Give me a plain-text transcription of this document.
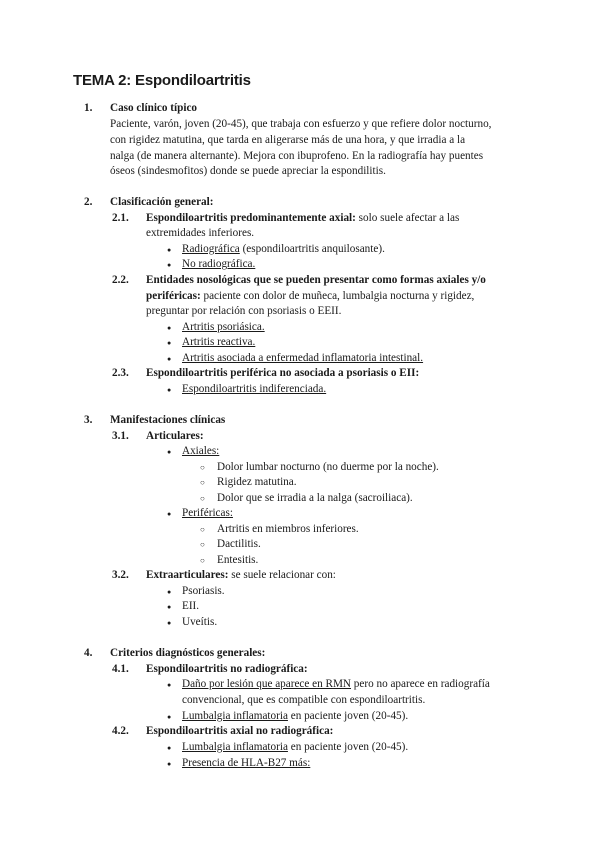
TEMA 2: Espondiloartritis
1. Caso clínico típico
Paciente, varón, joven (20-45), que trabaja con esfuerzo y que refiere dolor nocturno,
con rigidez matutina, que tarda en aligerarse más de una hora, y que irradia a la
nalga (de manera alternante). Mejora con ibuprofeno. En la radiografía hay puentes
óseos (sindesmofitos) donde se puede apreciar la espondilitis.
2. Clasificación general:
2.1. Espondiloartritis predominantemente axial: solo suele afectar a las
extremidades inferiores.
● Radiográfica (espondiloartritis anquilosante).
● No radiográfica.
2.2. Entidades nosológicas que se pueden presentar como formas axiales y/o
periféricas: paciente con dolor de muñeca, lumbalgia nocturna y rigidez,
preguntar por relación con psoriasis o EEII.
● Artritis psoriásica.
● Artritis reactiva.
● Artritis asociada a enfermedad inflamatoria intestinal.
2.3. Espondiloartritis periférica no asociada a psoriasis o EII:
● Espondiloartritis indiferenciada.
3. Manifestaciones clínicas
3.1. Articulares:
● Axiales:
○ Dolor lumbar nocturno (no duerme por la noche).
○ Rigidez matutina.
○ Dolor que se irradia a la nalga (sacroiliaca).
● Periféricas:
○ Artritis en miembros inferiores.
○ Dactilitis.
○ Entesitis.
3.2. Extraarticulares: se suele relacionar con:
● Psoriasis.
● EII.
● Uveítis.
4. Criterios diagnósticos generales:
4.1. Espondiloartritis no radiográfica:
● Daño por lesión que aparece en RMN pero no aparece en radiografía
convencional, que es compatible con espondiloartritis.
● Lumbalgia inflamatoria en paciente joven (20-45).
4.2. Espondiloartritis axial no radiográfica:
● Lumbalgia inflamatoria en paciente joven (20-45).
● Presencia de HLA-B27 más:
